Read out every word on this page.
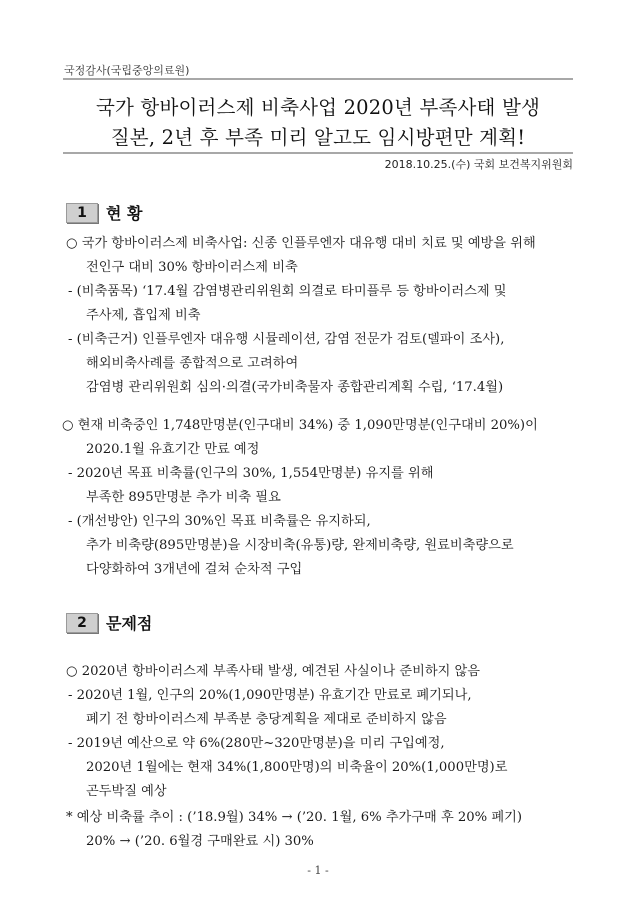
국정감사(국립중앙의료원)
국가 항바이러스제 비축사업 2020년 부족사태 발생
질본, 2년 후 부족 미리 알고도 임시방편만 계획!
2018.10.25.(수) 국회 보건복지위원회
1	현 황
○ 국가 항바이러스제 비축사업: 신종 인플루엔자 대유행 대비 치료 및 예방을 위해
전인구 대비 30% 항바이러스제 비축
- (비축품목) ‘17.4월 감염병관리위원회 의결로 타미플루 등 항바이러스제 및
주사제, 흡입제 비축
- (비축근거) 인플루엔자 대유행 시뮬레이션, 감염 전문가 검토(델파이 조사),
해외비축사례를 종합적으로 고려하여
감염병 관리위원회 심의·의결(국가비축물자 종합관리계획 수립, ‘17.4월)
○ 현재 비축중인 1,748만명분(인구대비 34%) 중 1,090만명분(인구대비 20%)이
2020.1월 유효기간 만료 예정
- 2020년 목표 비축률(인구의 30%, 1,554만명분) 유지를 위해
부족한 895만명분 추가 비축 필요
- (개선방안) 인구의 30%인 목표 비축률은 유지하되,
추가 비축량(895만명분)을 시장비축(유통)량, 완제비축량, 원료비축량으로
다양화하여 3개년에 걸쳐 순차적 구입
2	문제점
○ 2020년 항바이러스제 부족사태 발생, 예견된 사실이나 준비하지 않음
- 2020년 1월, 인구의 20%(1,090만명분) 유효기간 만료로 폐기되나,
폐기 전 항바이러스제 부족분 충당계획을 제대로 준비하지 않음
- 2019년 예산으로 약 6%(280만~320만명분)을 미리 구입예정,
2020년 1월에는 현재 34%(1,800만명)의 비축율이 20%(1,000만명)로
곤두박질 예상
* 예상 비축률 추이 : (’18.9월) 34% → (’20. 1월, 6% 추가구매 후 20% 폐기)
20% → (’20. 6월경 구매완료 시) 30%
- 1 -
